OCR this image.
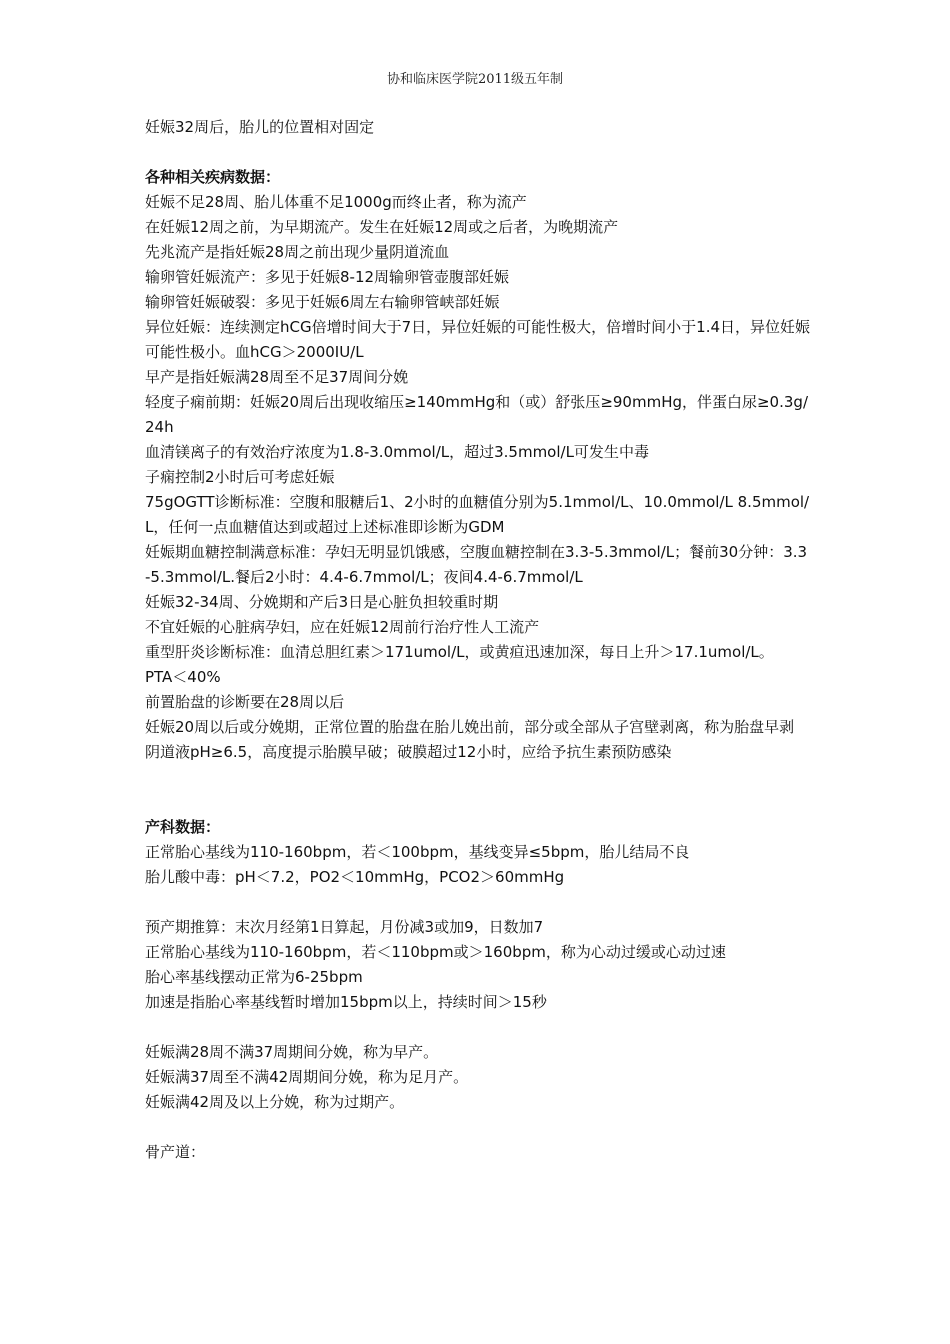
协和临床医学院2011级五年制
妊娠32周后，胎儿的位置相对固定
各种相关疾病数据：
妊娠不足28周、胎儿体重不足1000g而终止者，称为流产
在妊娠12周之前，为早期流产。发生在妊娠12周或之后者，为晚期流产
先兆流产是指妊娠28周之前出现少量阴道流血
输卵管妊娠流产：多见于妊娠8-12周输卵管壶腹部妊娠
输卵管妊娠破裂：多见于妊娠6周左右输卵管峡部妊娠
异位妊娠：连续测定hCG倍增时间大于7日，异位妊娠的可能性极大，倍增时间小于1.4日，异位妊娠可能性极小。血hCG＞2000IU/L
早产是指妊娠满28周至不足37周间分娩
轻度子痫前期：妊娠20周后出现收缩压≥140mmHg和（或）舒张压≥90mmHg，伴蛋白尿≥0.3g/24h
血清镁离子的有效治疗浓度为1.8-3.0mmol/L，超过3.5mmol/L可发生中毒
子痫控制2小时后可考虑妊娠
75gOGTT诊断标准：空腹和服糖后1、2小时的血糖值分别为5.1mmol/L、10.0mmol/L 8.5mmol/L，任何一点血糖值达到或超过上述标准即诊断为GDM
妊娠期血糖控制满意标准：孕妇无明显饥饿感，空腹血糖控制在3.3-5.3mmol/L；餐前30分钟：3.3-5.3mmol/L.餐后2小时：4.4-6.7mmol/L；夜间4.4-6.7mmol/L
妊娠32-34周、分娩期和产后3日是心脏负担较重时期
不宜妊娠的心脏病孕妇，应在妊娠12周前行治疗性人工流产
重型肝炎诊断标准：血清总胆红素＞171umol/L，或黄疸迅速加深，每日上升＞17.1umol/L。
PTA＜40%
前置胎盘的诊断要在28周以后
妊娠20周以后或分娩期，正常位置的胎盘在胎儿娩出前，部分或全部从子宫壁剥离，称为胎盘早剥
阴道液pH≥6.5，高度提示胎膜早破；破膜超过12小时，应给予抗生素预防感染
产科数据：
正常胎心基线为110-160bpm，若＜100bpm，基线变异≤5bpm，胎儿结局不良
胎儿酸中毒：pH＜7.2，PO2＜10mmHg，PCO2＞60mmHg
预产期推算：末次月经第1日算起，月份减3或加9，日数加7
正常胎心基线为110-160bpm，若＜110bpm或＞160bpm，称为心动过缓或心动过速
胎心率基线摆动正常为6-25bpm
加速是指胎心率基线暂时增加15bpm以上，持续时间＞15秒
妊娠满28周不满37周期间分娩，称为早产。
妊娠满37周至不满42周期间分娩，称为足月产。
妊娠满42周及以上分娩，称为过期产。
骨产道：
